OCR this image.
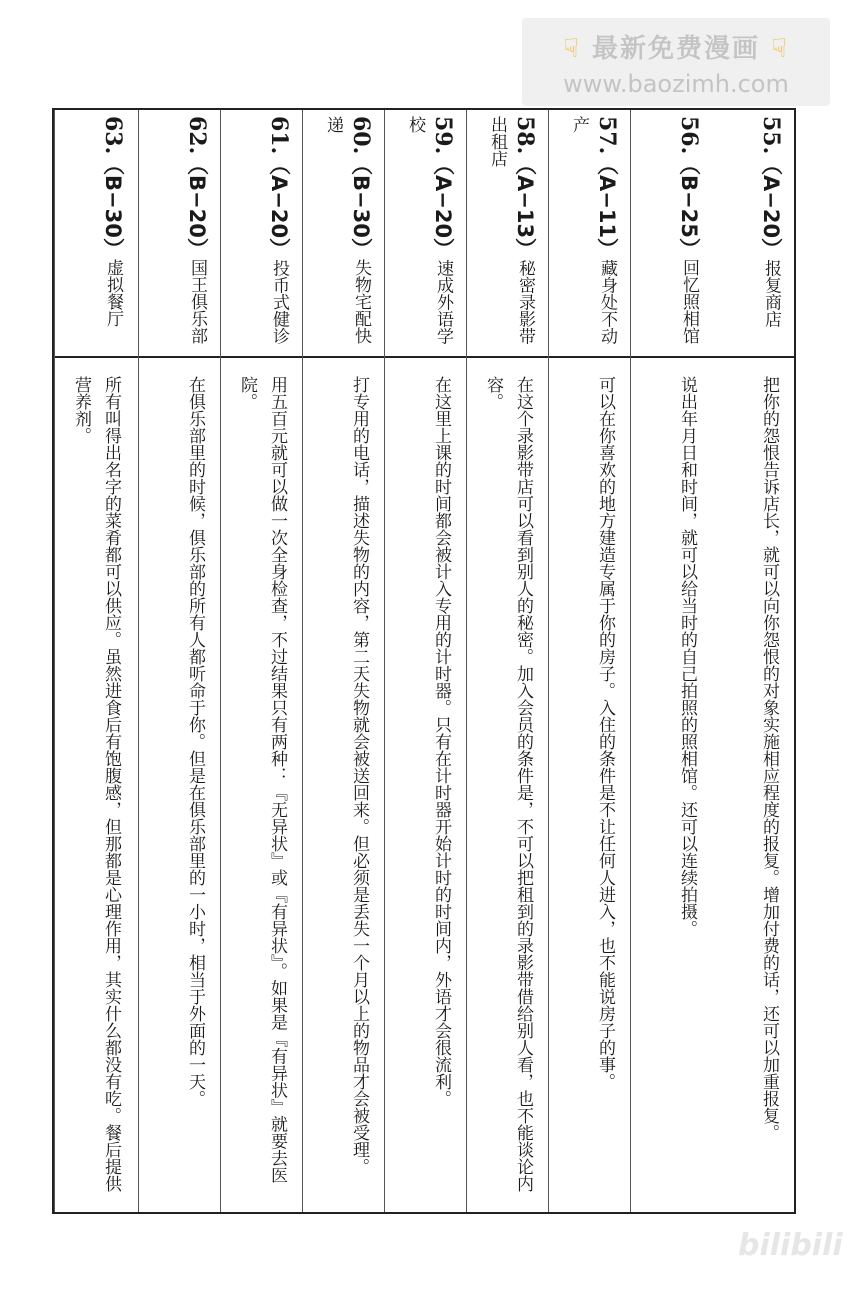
☟ 最新免费漫画 ☟
www.baozimh.com
55.（A−20）报复商店
把你的怨恨告诉店长，就可以向你怨恨的对象实施相应程度的报复。增加付费的话，还可以加重报复。
56.（B−25）回忆照相馆
说出年月日和时间，就可以给当时的自己拍照的照相馆。还可以连续拍摄。
57.（A−11）藏身处不动产
可以在你喜欢的地方建造专属于你的房子。入住的条件是不让任何人进入，也不能说房子的事。
58.（A−13）秘密录影带出租店
在这个录影带店可以看到别人的秘密。加入会员的条件是，不可以把租到的录影带借给别人看，也不能谈论内容。
59.（A−20）速成外语学校
在这里上课的时间都会被计入专用的计时器。只有在计时器开始计时的时间内，外语才会很流利。
60.（B−30）失物宅配快递
打专用的电话，描述失物的内容，第二天失物就会被送回来。但必须是丢失一个月以上的物品才会被受理。
61.（A−20）投币式健诊
用五百元就可以做一次全身检查，不过结果只有两种：『无异状』或『有异状』。如果是『有异状』就要去医院。
62.（B−20）国王俱乐部
在俱乐部里的时候，俱乐部的所有人都听命于你。但是在俱乐部里的一小时，相当于外面的一天。
63.（B−30）虚拟餐厅
所有叫得出名字的菜肴都可以供应。虽然进食后有饱腹感，但那都是心理作用，其实什么都没有吃。餐后提供营养剂。
bilibili
